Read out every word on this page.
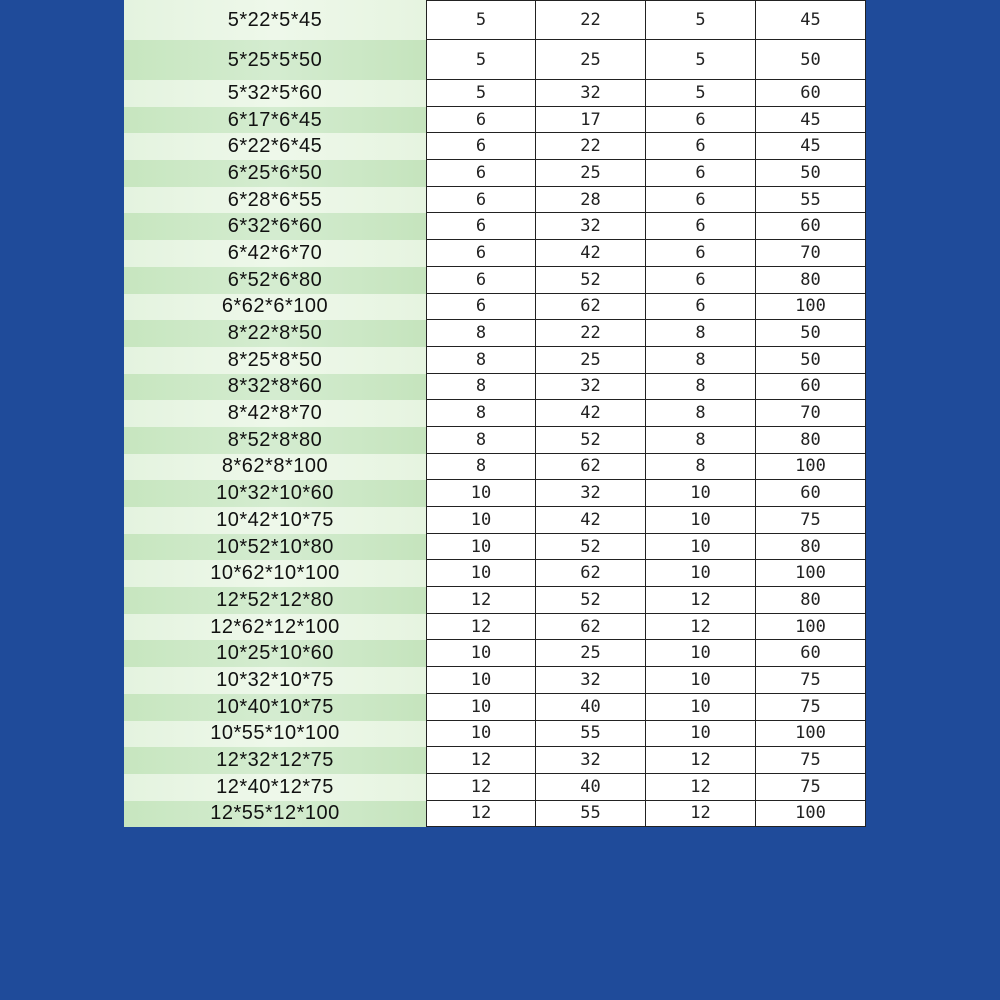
5*22*5*45	5	22	5	45
5*25*5*50	5	25	5	50
5*32*5*60	5	32	5	60
6*17*6*45	6	17	6	45
6*22*6*45	6	22	6	45
6*25*6*50	6	25	6	50
6*28*6*55	6	28	6	55
6*32*6*60	6	32	6	60
6*42*6*70	6	42	6	70
6*52*6*80	6	52	6	80
6*62*6*100	6	62	6	100
8*22*8*50	8	22	8	50
8*25*8*50	8	25	8	50
8*32*8*60	8	32	8	60
8*42*8*70	8	42	8	70
8*52*8*80	8	52	8	80
8*62*8*100	8	62	8	100
10*32*10*60	10	32	10	60
10*42*10*75	10	42	10	75
10*52*10*80	10	52	10	80
10*62*10*100	10	62	10	100
12*52*12*80	12	52	12	80
12*62*12*100	12	62	12	100
10*25*10*60	10	25	10	60
10*32*10*75	10	32	10	75
10*40*10*75	10	40	10	75
10*55*10*100	10	55	10	100
12*32*12*75	12	32	12	75
12*40*12*75	12	40	12	75
12*55*12*100	12	55	12	100
